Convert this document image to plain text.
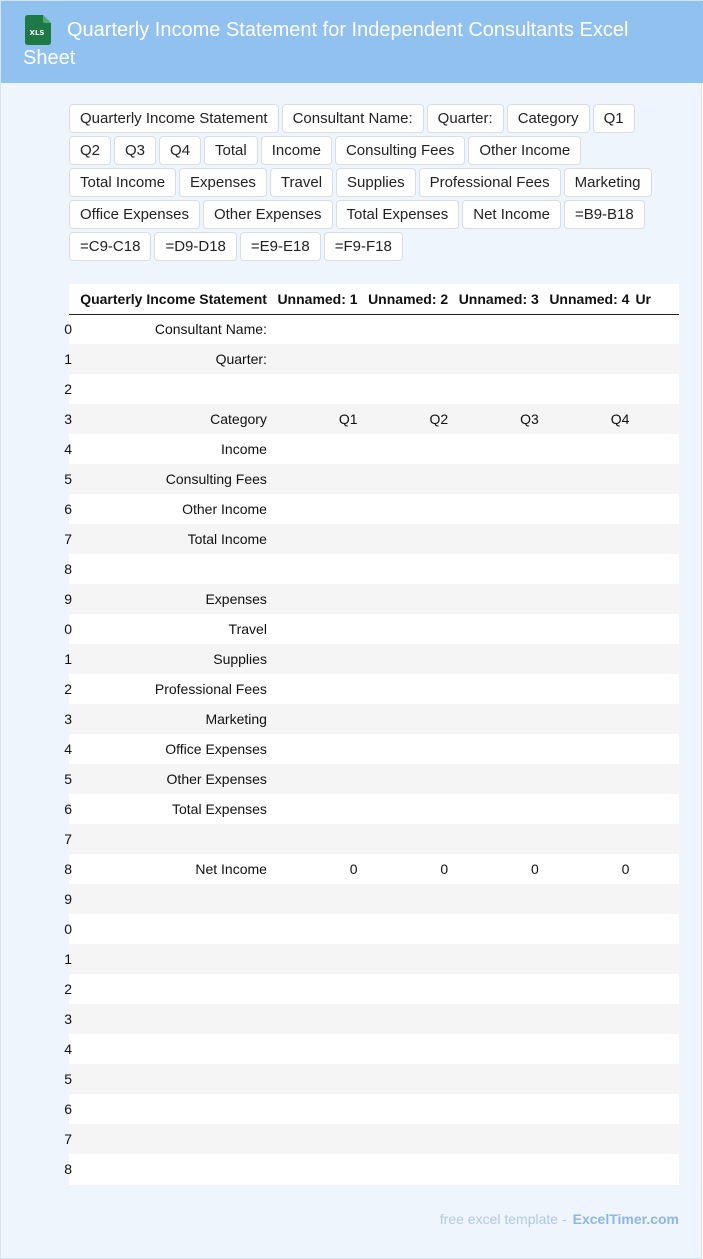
XLS	Quarterly Income Statement for Independent Consultants Excel Sheet
Quarterly Income Statement	Consultant Name:	Quarter:	Category	Q1
Q2	Q3	Q4	Total	Income	Consulting Fees	Other Income
Total Income	Expenses	Travel	Supplies	Professional Fees	Marketing
Office Expenses	Other Expenses	Total Expenses	Net Income	=B9-B18
=C9-C18	=D9-D18	=E9-E18	=F9-F18
	Quarterly Income Statement	Unnamed: 1	Unnamed: 2	Unnamed: 3	Unnamed: 4	Ur
0	Consultant Name:					
1	Quarter:					
2						
3	Category	Q1	Q2	Q3	Q4	
4	Income					
5	Consulting Fees					
6	Other Income					
7	Total Income					
8						
9	Expenses					
0	Travel					
1	Supplies					
2	Professional Fees					
3	Marketing					
4	Office Expenses					
5	Other Expenses					
6	Total Expenses					
7						
8	Net Income	0	0	0	0	
9						
0						
1						
2						
3						
4						
5						
6						
7						
8						
free excel template - ExcelTimer.com
